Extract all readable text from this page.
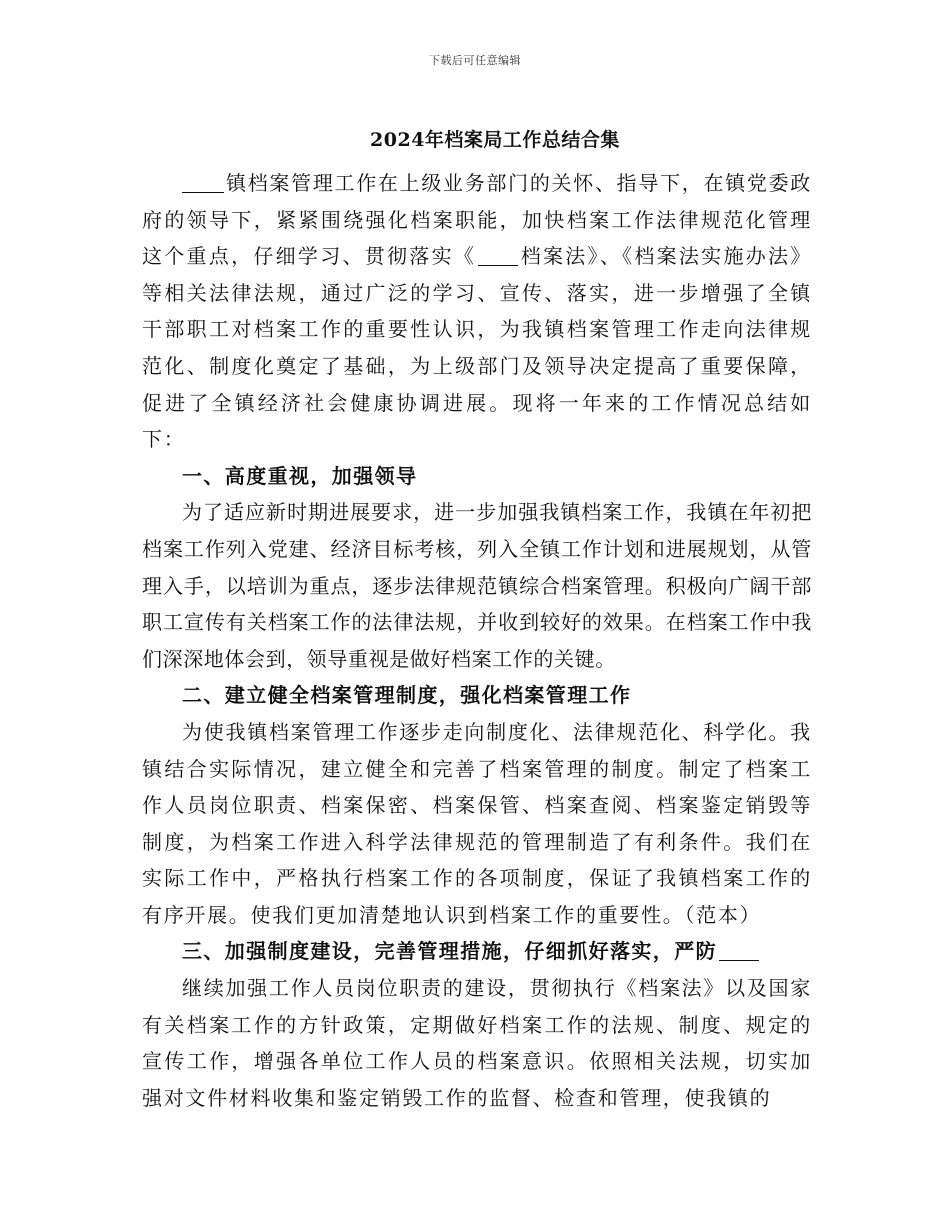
下载后可任意编辑
2024年档案局工作总结合集

镇档案管理工作在上级业务部门的关怀、指导下，在镇党委政府的领导下，紧紧围绕强化档案职能，加快档案工作法律规范化管理这个重点，仔细学习、贯彻落实《 档案法》、《档案法实施办法》等相关法律法规，通过广泛的学习、宣传、落实，进一步增强了全镇干部职工对档案工作的重要性认识，为我镇档案管理工作走向法律规范化、制度化奠定了基础，为上级部门及领导决定提高了重要保障，促进了全镇经济社会健康协调进展。现将一年来的工作情况总结如下：

一、高度重视，加强领导

为了适应新时期进展要求，进一步加强我镇档案工作，我镇在年初把档案工作列入党建、经济目标考核，列入全镇工作计划和进展规划，从管理入手，以培训为重点，逐步法律规范镇综合档案管理。积极向广阔干部职工宣传有关档案工作的法律法规，并收到较好的效果。在档案工作中我们深深地体会到，领导重视是做好档案工作的关键。

二、建立健全档案管理制度，强化档案管理工作

为使我镇档案管理工作逐步走向制度化、法律规范化、科学化。我镇结合实际情况，建立健全和完善了档案管理的制度。制定了档案工作人员岗位职责、档案保密、档案保管、档案查阅、档案鉴定销毁等制度，为档案工作进入科学法律规范的管理制造了有利条件。我们在实际工作中，严格执行档案工作的各项制度，保证了我镇档案工作的有序开展。使我们更加清楚地认识到档案工作的重要性。（范本）

三、加强制度建设，完善管理措施，仔细抓好落实，严防

继续加强工作人员岗位职责的建设，贯彻执行《档案法》以及国家有关档案工作的方针政策，定期做好档案工作的法规、制度、规定的宣传工作，增强各单位工作人员的档案意识。依照相关法规，切实加强对文件材料收集和鉴定销毁工作的监督、检查和管理，使我镇的
